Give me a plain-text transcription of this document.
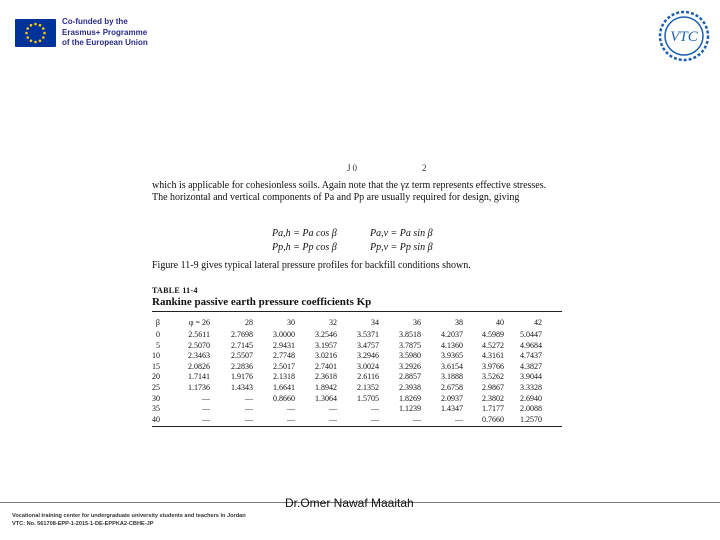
Co-funded by the
Erasmus+ Programme
of the European Union	VTC
J0	2
which is applicable for cohesionless soils. Again note that the γz term represents effective stresses. The horizontal and vertical components of Pa and Pp are usually required for design, giving
Pa,h = Pa cos β	Pa,v = Pa sin β
Pp,h = Pp cos β	Pp,v = Pp sin β
Figure 11-9 gives typical lateral pressure profiles for backfill conditions shown.
TABLE 11-4
Rankine passive earth pressure coefficients Kp
β	φ = 26	28	30	32	34	36	38	40	42
0	2.5611	2.7698	3.0000	3.2546	3.5371	3.8518	4.2037 4.5989 5.0447
5	2.5070	2.7145	2.9431	3.1957	3.4757	3.7875	4.1360 4.5272 4.9684
10	2.3463	2.5507	2.7748	3.0216	3.2946	3.5980	3.9365 4.3161 4.7437
15	2.0826	2.2836	2.5017	2.7401	3.0024	3.2926	3.6154 3.9766 4.3827
20	1.7141	1.9176	2.1318	2.3618	2.6116	2.8857	3.1888 3.5262 3.9044
25	1.1736	1.4343	1.6641	1.8942	2.1352	2.3938	2.6758 2.9867 3.3328
30	—	—	0.8660	1.3064	1.5705	1.8269	2.0937 2.3802 2.6940
35	—	—	—	—	—	1.1239	1.4347 1.7177 2.0088
40	—	—	—	—	—	—	— 0.7660 1.2570
Dr.Omer Nawaf Maaitah
Vocational training center for undergraduate university students and teachers in Jordan
VTC: No. 561708-EPP-1-2015-1-DE-EPPKA2-CBHE-JP
